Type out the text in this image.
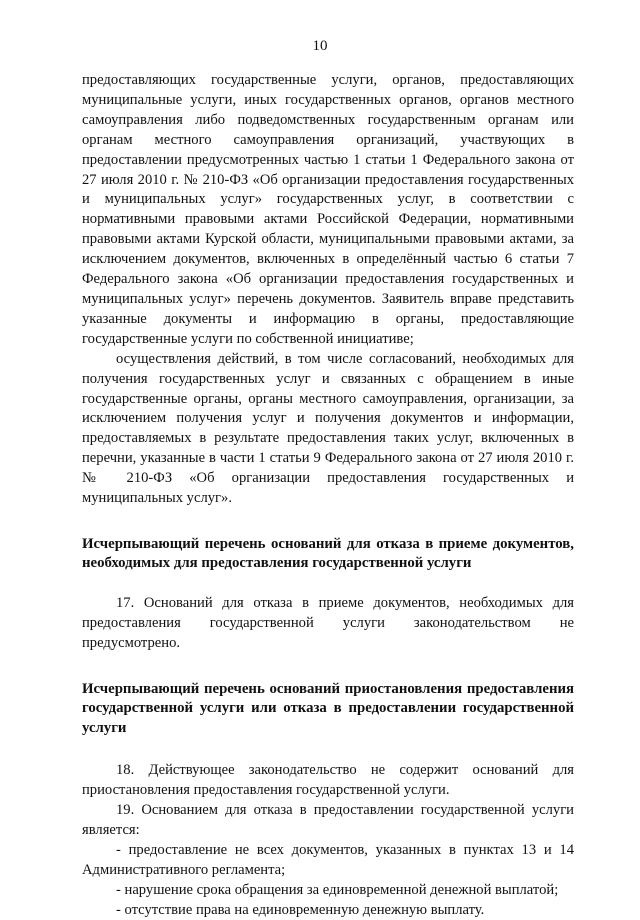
10

предоставляющих государственные услуги, органов, предоставляющих муниципальные услуги, иных государственных органов, органов местного самоуправления либо подведомственных государственным органам или органам местного самоуправления организаций, участвующих в предоставлении предусмотренных частью 1 статьи 1 Федерального закона от 27 июля 2010 г. № 210-ФЗ «Об организации предоставления государственных и муниципальных услуг» государственных услуг, в соответствии с нормативными правовыми актами Российской Федерации, нормативными правовыми актами Курской области, муниципальными правовыми актами, за исключением документов, включенных в определённый частью 6 статьи 7 Федерального закона «Об организации предоставления государственных и муниципальных услуг» перечень документов. Заявитель вправе представить указанные документы и информацию в органы, предоставляющие государственные услуги по собственной инициативе;

осуществления действий, в том числе согласований, необходимых для получения государственных услуг и связанных с обращением в иные государственные органы, органы местного самоуправления, организации, за исключением получения услуг и получения документов и информации, предоставляемых в результате предоставления таких услуг, включенных в перечни, указанные в части 1 статьи 9 Федерального закона от 27 июля 2010 г. № 210-ФЗ «Об организации предоставления государственных и муниципальных услуг».

Исчерпывающий перечень оснований для отказа в приеме документов, необходимых для предоставления государственной услуги

17. Оснований для отказа в приеме документов, необходимых для предоставления государственной услуги законодательством не предусмотрено.

Исчерпывающий перечень оснований приостановления предоставления государственной услуги или отказа в предоставлении государственной услуги

18. Действующее законодательство не содержит оснований для приостановления предоставления государственной услуги.

19. Основанием для отказа в предоставлении государственной услуги является:

- предоставление не всех документов, указанных в пунктах 13 и 14 Административного регламента;

- нарушение срока обращения за единовременной денежной выплатой;

- отсутствие права на единовременную денежную выплату.
